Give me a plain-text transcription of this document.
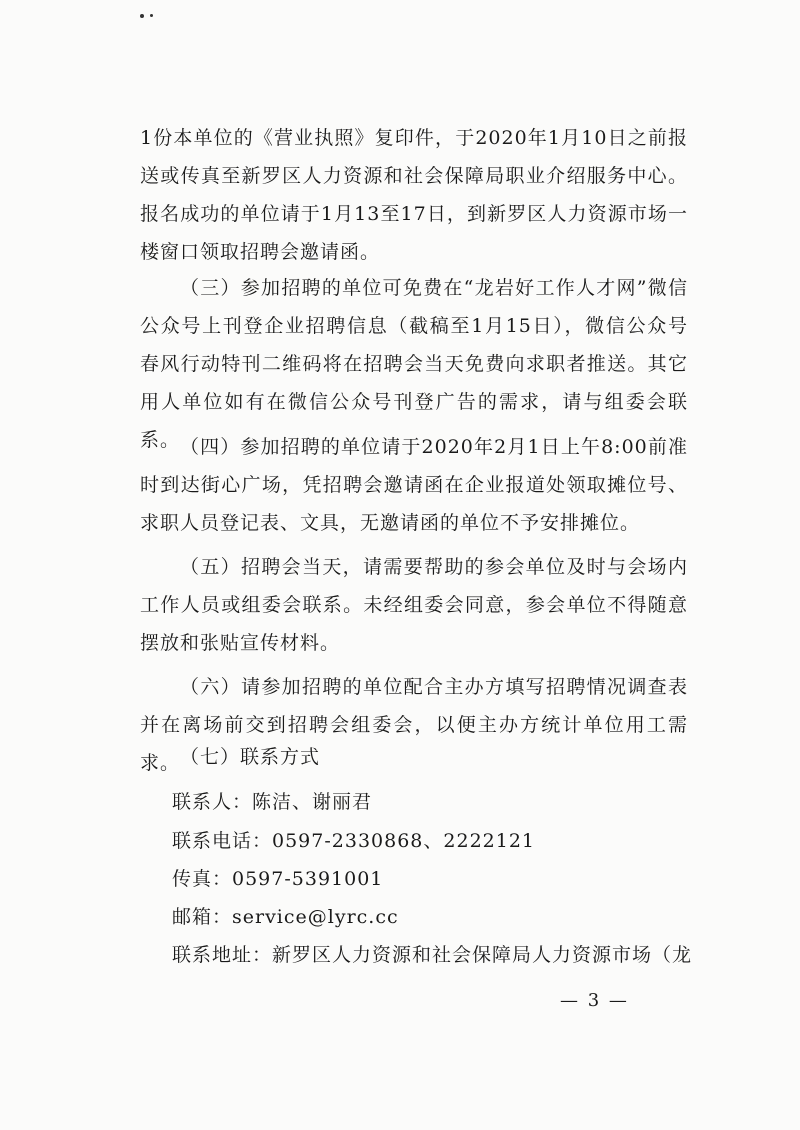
1份本单位的《营业执照》复印件，于2020年1月10日之前报送或传真至新罗区人力资源和社会保障局职业介绍服务中心。报名成功的单位请于1月13至17日，到新罗区人力资源市场一楼窗口领取招聘会邀请函。

（三）参加招聘的单位可免费在“龙岩好工作人才网”微信公众号上刊登企业招聘信息（截稿至1月15日），微信公众号春风行动特刊二维码将在招聘会当天免费向求职者推送。其它用人单位如有在微信公众号刊登广告的需求，请与组委会联系。 （四）参加招聘的单位请于2020年2月1日上午8:00前准时到达街心广场，凭招聘会邀请函在企业报道处领取摊位号、求职人员登记表、文具，无邀请函的单位不予安排摊位。

（五）招聘会当天，请需要帮助的参会单位及时与会场内工作人员或组委会联系。未经组委会同意，参会单位不得随意摆放和张贴宣传材料。

（六）请参加招聘的单位配合主办方填写招聘情况调查表并在离场前交到招聘会组委会，以便主办方统计单位用工需求。 （七）联系方式

联系人：陈洁、谢丽君

联系电话：0597-2330868、2222121

传真：0597-5391001

邮箱：service@lyrc.cc

联系地址：新罗区人力资源和社会保障局人力资源市场（龙

— 3 —
